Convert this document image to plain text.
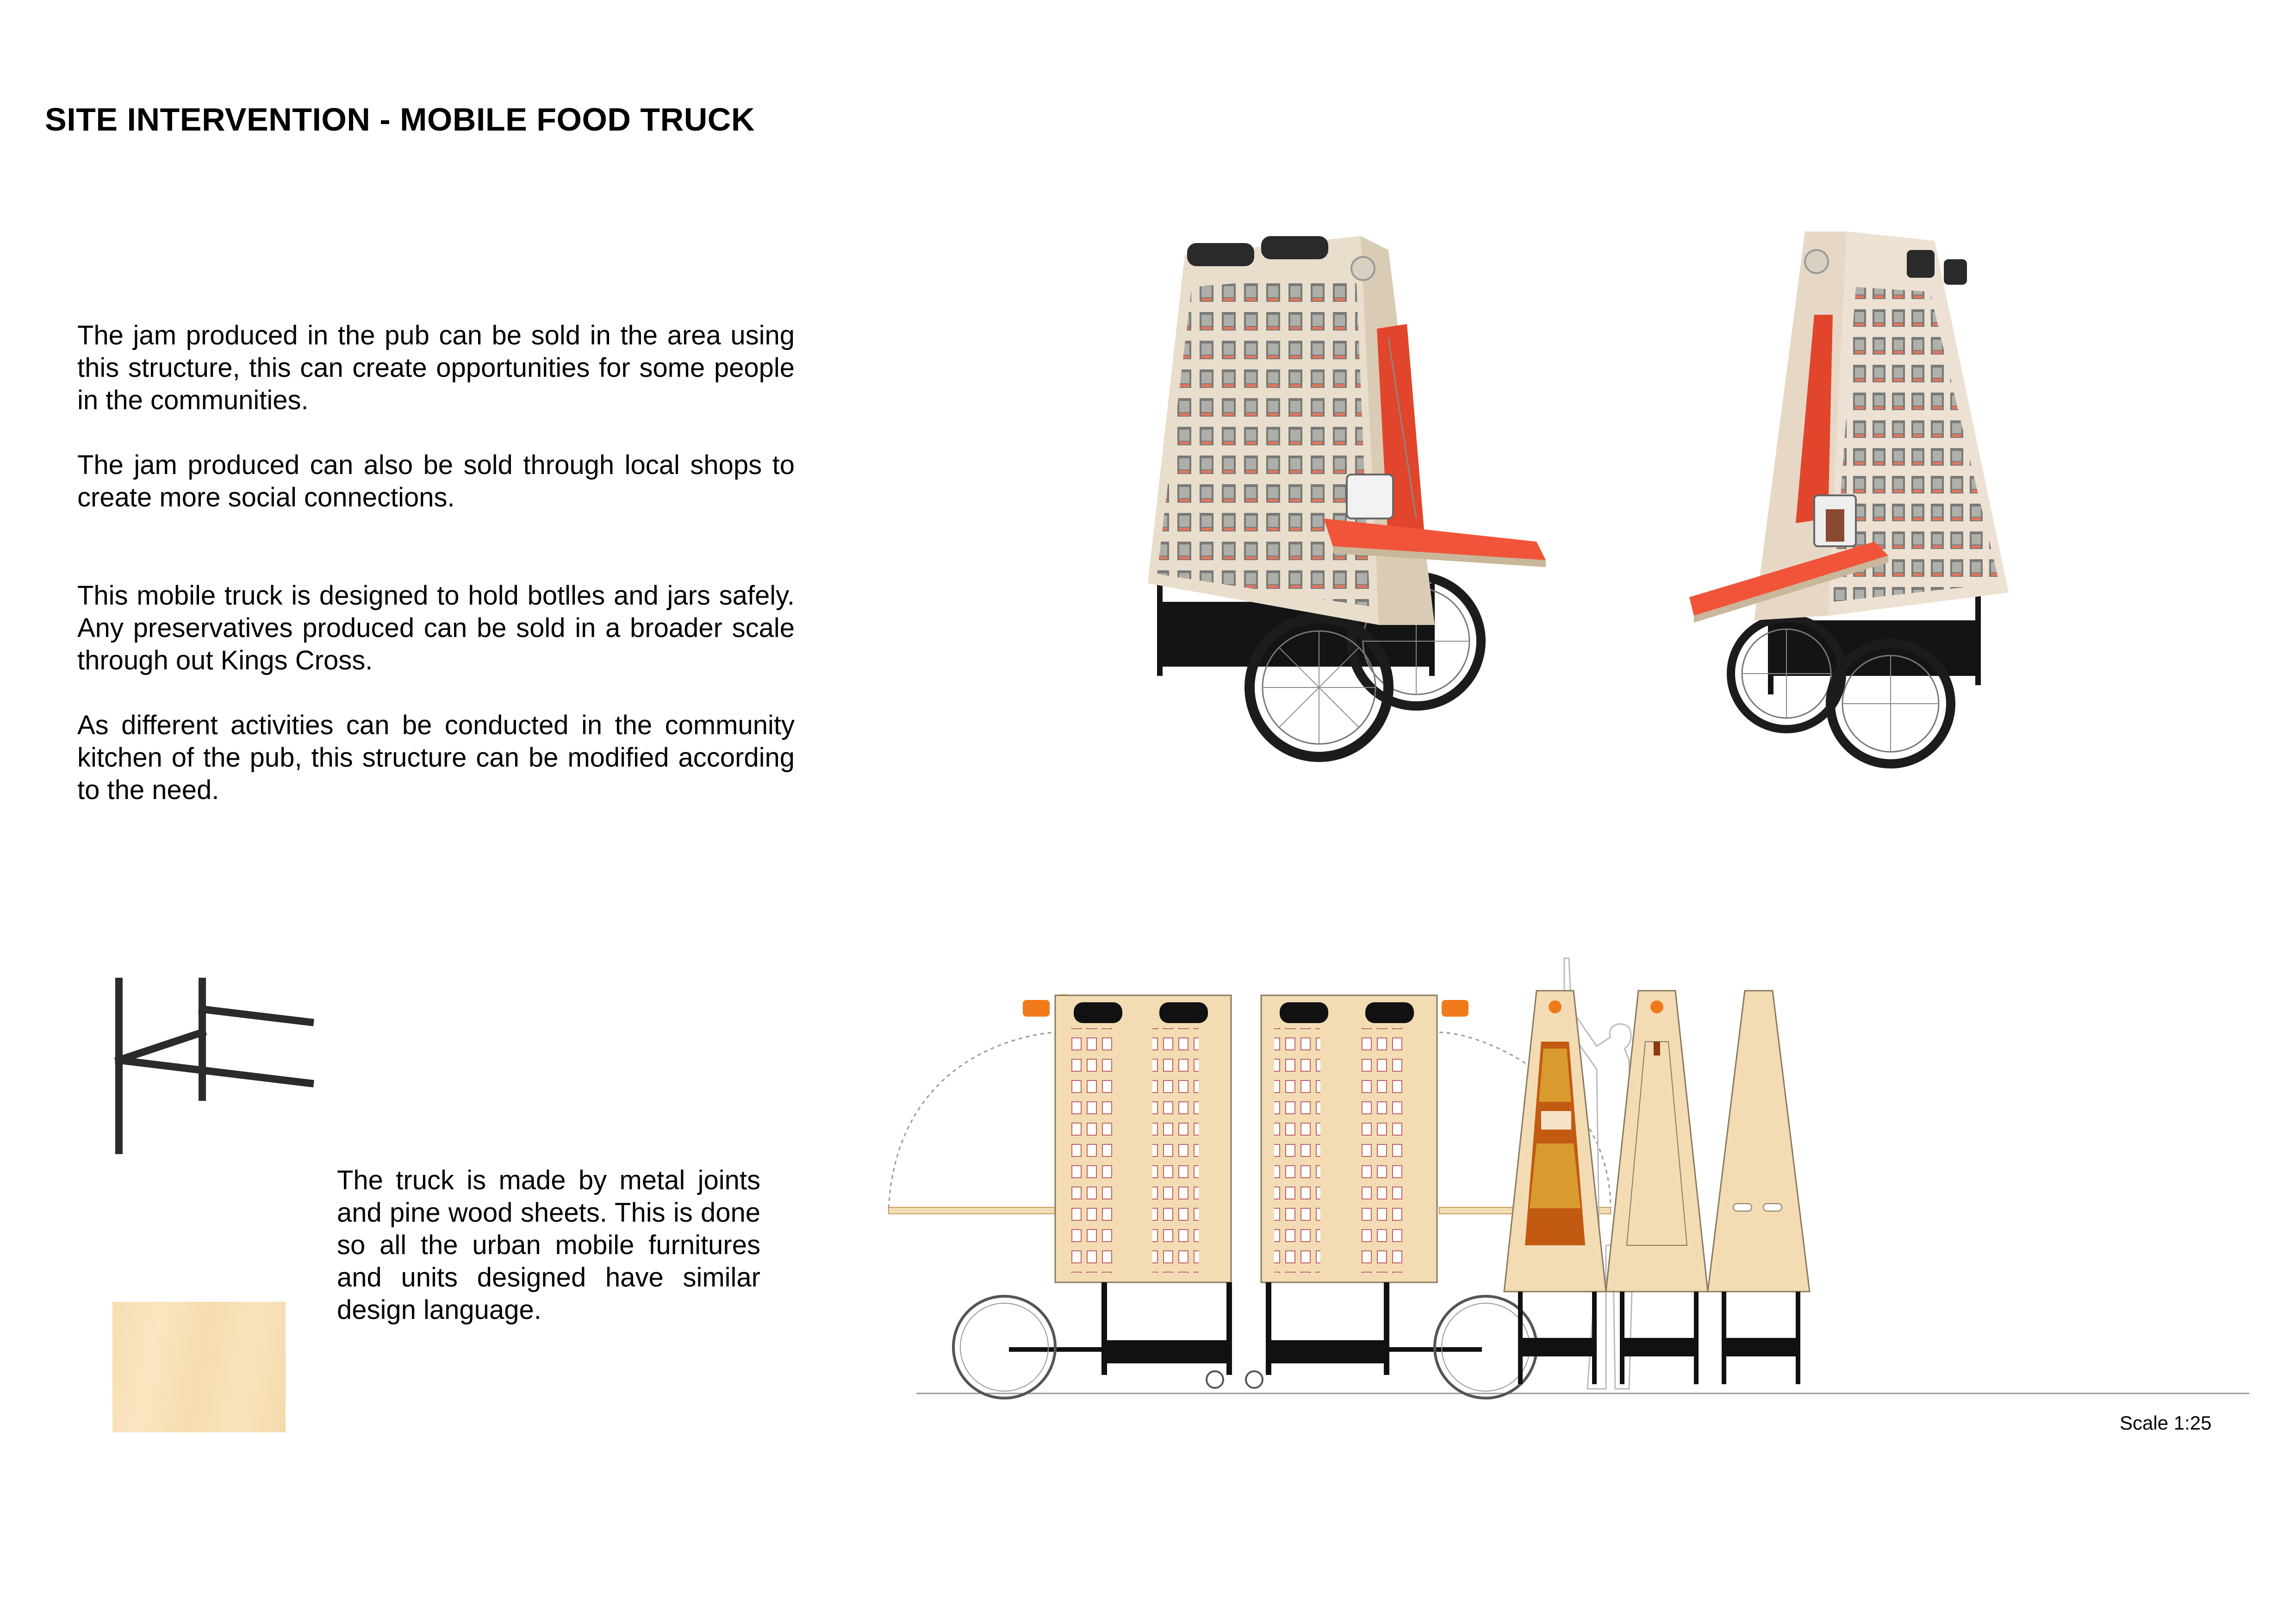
SITE INTERVENTION - MOBILE FOOD TRUCK

The jam produced in the pub can be sold in the area using this structure, this can create opportunities for some people in the communities.

The jam produced can also be sold through local shops to create more social connections.

This mobile truck is designed to hold botlles and jars safely. Any preservatives produced can be sold in a broader scale through out Kings Cross.

As different activities can be conducted in the community kitchen of the pub, this structure can be modified according to the need.

The truck is made by metal joints and pine wood sheets. This is done so all the urban mobile furnitures and units designed have similar design language.

Scale 1:25
